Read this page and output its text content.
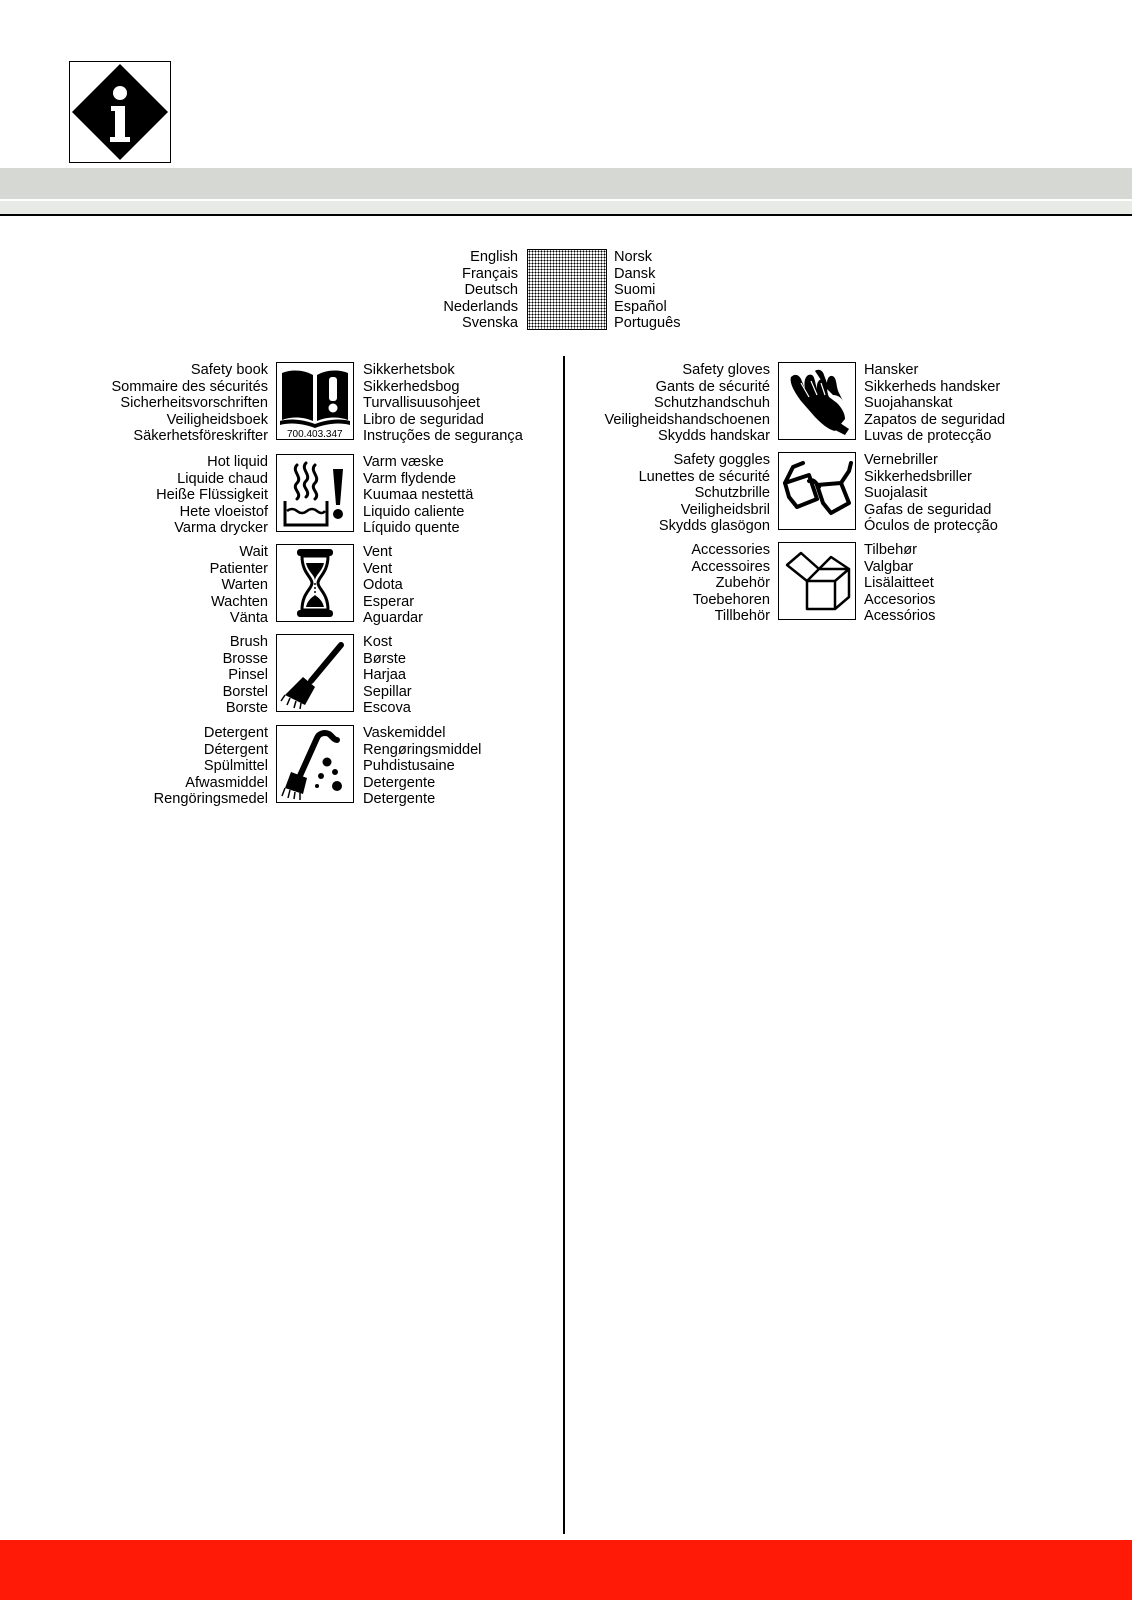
English
Français
Deutsch
Nederlands
Svenska
Norsk
Dansk
Suomi
Español
Português
Safety book
Sommaire des sécurités
Sicherheitsvorschriften
Veiligheidsboek
Säkerhetsföreskrifter 700.403.347
Sikkerhetsbok
Sikkerhedsbog
Turvallisuusohjeet
Libro de seguridad
Instruções de segurança
Hot liquid
Liquide chaud
Heiße Flüssigkeit
Hete vloeistof
Varma drycker
Varm væske
Varm flydende
Kuumaa nestettä
Liquido caliente
Líquido quente
Wait
Patienter
Warten
Wachten
Vänta
Vent
Vent
Odota
Esperar
Aguardar
Brush
Brosse
Pinsel
Borstel
Borste
Kost
Børste
Harjaa
Sepillar
Escova
Detergent
Détergent
Spülmittel
Afwasmiddel
Rengöringsmedel
Vaskemiddel
Rengøringsmiddel
Puhdistusaine
Detergente
Detergente
Safety gloves
Gants de sécurité
Schutzhandschuh
Veiligheidshandschoenen
Skydds handskar
Hansker
Sikkerheds handsker
Suojahanskat
Zapatos de seguridad
Luvas de protecção
Safety goggles
Lunettes de sécurité
Schutzbrille
Veiligheidsbril
Skydds glasögon
Vernebriller
Sikkerhedsbriller
Suojalasit
Gafas de seguridad
Óculos de protecção
Accessories
Accessoires
Zubehör
Toebehoren
Tillbehör
Tilbehør
Valgbar
Lisälaitteet
Accesorios
Acessórios
